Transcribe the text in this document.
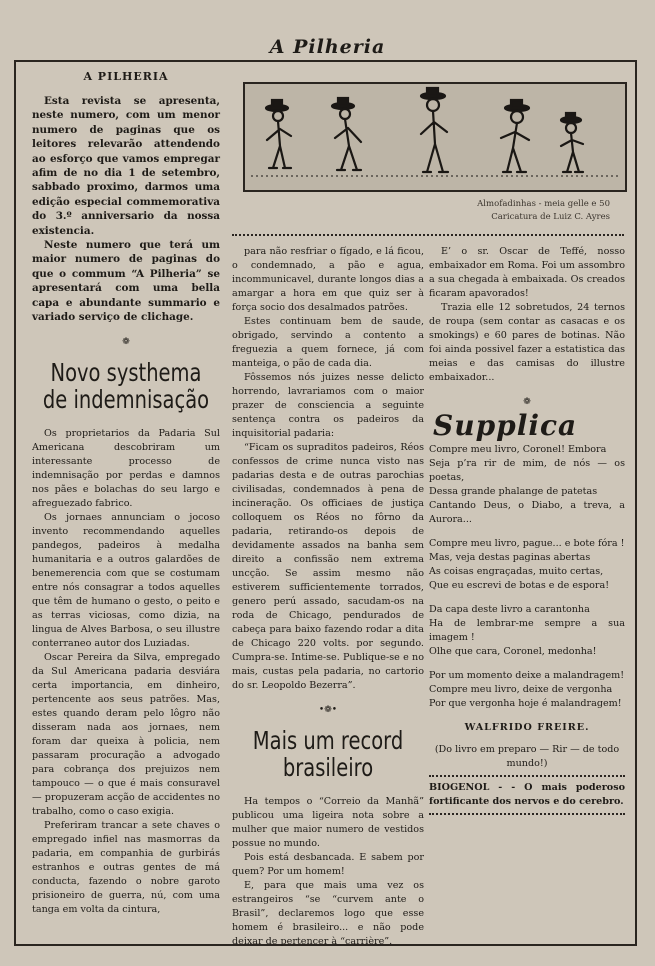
A Pilheria
A PILHERIA

Esta revista se apresenta, neste numero, com um menor numero de paginas que os leitores relevarão attendendo ao esforço que vamos empregar afim de no dia 1 de setembro, sabbado proximo, darmos uma edição especial commemorativa do 3.º anniversario da nossa existencia.

Neste numero que terá um maior numero de paginas do que o commum “A Pilheria” se apresentará com uma bella capa e abundante summario e variado serviço de clichage.

❁
Novo systhema de indemnisação

Os proprietarios da Padaria Sul Americana descobriram um interessante processo de indemnisação por perdas e damnos nos pães e bolachas do seu largo e afreguezado fabrico.

Os jornaes annunciam o jocoso invento recommendando aquelles pandegos, padeiros à medalha humanitaria e a outros galardões de benemerencia com que se costumam entre nós consagrar a todos aquelles que têm de humano o gesto, o peito e as terras viciosas, como dizia, na lingua de Alves Barbosa, o seu illustre conterraneo autor dos Luziadas.

Oscar Pereira da Silva, empregado da Sul Americana padaria desviára certa importancia, em dinheiro, pertencente aos seus patrões. Mas, estes quando deram pelo lôgro não disseram nada aos jornaes, nem foram dar queixa à policia, nem passaram procuração a advogado para cobrança dos prejuizos nem tampouco — o que é mais consuravel — propuzeram acção de accidentes no trabalho, como o caso exigia.

Preferiram trancar a sete chaves o empregado infiel nas masmorras da padaria, em companhia de gurbirás estranhos e outras gentes de má conducta, fazendo o nobre garoto prisioneiro de guerra, nú, com uma tanga em volta da cintura,

Almofadinhas - meia gelle e 50
Caricatura de Luiz C. Ayres

para não resfriar o fígado, e lá ficou, o condemnado, a pão e agua, incommunicavel, durante longos dias a amargar a hora em que quiz ser à força socio dos desalmados patrões.

Estes continuam bem de saude, obrigado, servindo a contento a freguezia a quem fornece, já com manteiga, o pão de cada dia.

Fôssemos nós juizes nesse delicto horrendo, lavrariamos com o maior prazer de consciencia a seguinte sentença contra os padeiros da inquisitorial padaria:

“Ficam os supraditos padeiros, Réos confessos de crime nunca visto nas padarias desta e de outras parochias civilisadas, condemnados à pena de incineração. Os officiaes de justiça colloquem os Réos no fôrno da padaria, retirando-os depois de devidamente assados na banha sem direito a confissão nem extrema uncção. Se assim mesmo não estiverem sufficientemente torrados, genero perú assado, sacudam-os na roda de Chicago, pendurados de cabeça para baixo fazendo rodar a dita de Chicago 220 volts. por segundo. Cumpra-se. Intime-se. Publique-se e no mais, custas pela padaria, no cartorio do sr. Leopoldo Bezerra”.

•❁•
Mais um record brasileiro

Ha tempos o “Correio da Manhã” publicou uma ligeira nota sobre a mulher que maior numero de vestidos possue no mundo.

Pois está desbancada. E sabem por quem? Por um homem!

E, para que mais uma vez os estrangeiros “se “curvem ante o Brasil”, declaremos logo que esse homem é brasileiro... e não pode deixar de pertencer à “carrière”.

E’ o sr. Oscar de Teffé, nosso embaixador em Roma. Foi um assombro a sua chegada à embaixada. Os creados ficaram apavorados!

Trazia elle 12 sobretudos, 24 ternos de roupa (sem contar as casacas e os smokings) e 60 pares de botinas. Não foi ainda possivel fazer a estatistica das meias e das camisas do illustre embaixador...

❁
Supplica
Compre meu livro, Coronel! Embora
Seja p’ra rir de mim, de nós — os poetas,
Dessa grande phalange de patetas
Cantando Deus, o Diabo, a treva, a Aurora...
Compre meu livro, pague... e bote fóra !
Mas, veja destas paginas abertas
As coisas engraçadas, muito certas,
Que eu escrevi de botas e de espora!
Da capa deste livro a carantonha
Ha de lembrar-me sempre a sua imagem !
Olhe que cara, Coronel, medonha!
Por um momento deixe a malandragem!
Compre meu livro, deixe de vergonha
Por que vergonha hoje é malandragem!
WALFRIDO FREIRE.
(Do livro em preparo — Rir — de todo mundo!)
BIOGENOL - - O mais poderoso fortificante dos nervos e do cerebro.
